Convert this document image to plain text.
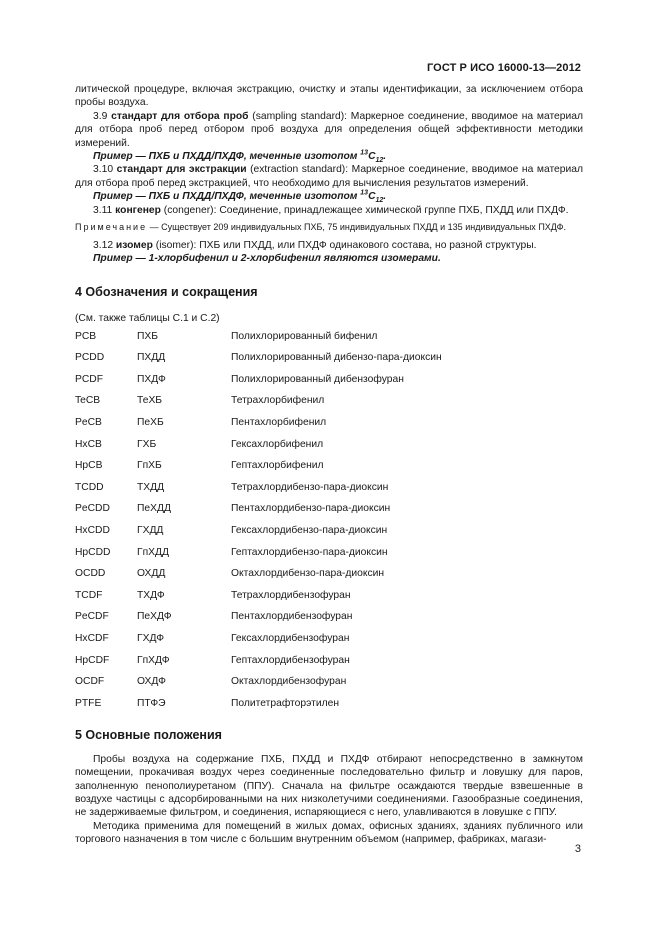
ГОСТ Р ИСО 16000-13—2012

литической процедуре, включая экстракцию, очистку и этапы идентификации, за исключением отбора пробы воздуха.

3.9 стандарт для отбора проб (sampling standard): Маркерное соединение, вводимое на материал для отбора проб перед отбором проб воздуха для определения общей эффективности методики измерений.

Пример — ПХБ и ПХДД/ПХДФ, меченные изотопом $^{13}C_{12}$.

3.10 стандарт для экстракции (extraction standard): Маркерное соединение, вводимое на материал для отбора проб перед экстракцией, что необходимо для вычисления результатов измерений.

Пример — ПХБ и ПХДД/ПХДФ, меченные изотопом $^{13}C_{12}$.

3.11 конгенер (congener): Соединение, принадлежащее химической группе ПХБ, ПХДД или ПХДФ.

Примечание — Существует 209 индивидуальных ПХБ, 75 индивидуальных ПХДД и 135 индивидуальных ПХДФ.

3.12 изомер (isomer): ПХБ или ПХДД, или ПХДФ одинакового состава, но разной структуры.

Пример — 1-хлорбифенил и 2-хлорбифенил являются изомерами.

4 Обозначения и сокращения

(См. также таблицы С.1 и С.2)

PCB	ПХБ	Полихлорированный бифенил
PCDD	ПХДД	Полихлорированный дибензо-пара-диоксин
PCDF	ПХДФ	Полихлорированный дибензофуран
TeCB	ТеХБ	Тетрахлорбифенил
PeCB	ПеХБ	Пентахлорбифенил
HxCB	ГХБ	Гексахлорбифенил
HpCB	ГпХБ	Гептахлорбифенил
TCDD	ТХДД	Тетрахлордибензо-пара-диоксин
PeCDD	ПеХДД	Пентахлордибензо-пара-диоксин
HxCDD	ГХДД	Гексахлордибензо-пара-диоксин
HpCDD	ГпХДД	Гептахлордибензо-пара-диоксин
OCDD	ОХДД	Октахлордибензо-пара-диоксин
TCDF	ТХДФ	Тетрахлордибензофуран
PeCDF	ПеХДФ	Пентахлордибензофуран
HxCDF	ГХДФ	Гексахлордибензофуран
HpCDF	ГпХДФ	Гептахлордибензофуран
OCDF	ОХДФ	Октахлордибензофуран
PTFE	ПТФЭ	Политетрафторэтилен
5 Основные положения

Пробы воздуха на содержание ПХБ, ПХДД и ПХДФ отбирают непосредственно в замкнутом помещении, прокачивая воздух через соединенные последовательно фильтр и ловушку для паров, заполненную пенополиуретаном (ППУ). Сначала на фильтре осаждаются твердые взвешенные в воздухе частицы с адсорбированными на них низколетучими соединениями. Газообразные соединения, не задерживаемые фильтром, и соединения, испаряющиеся с него, улавливаются в ловушке с ППУ.

Методика применима для помещений в жилых домах, офисных зданиях, зданиях публичного или торгового назначения в том числе с большим внутренним объемом (например, фабриках, магази-

3
